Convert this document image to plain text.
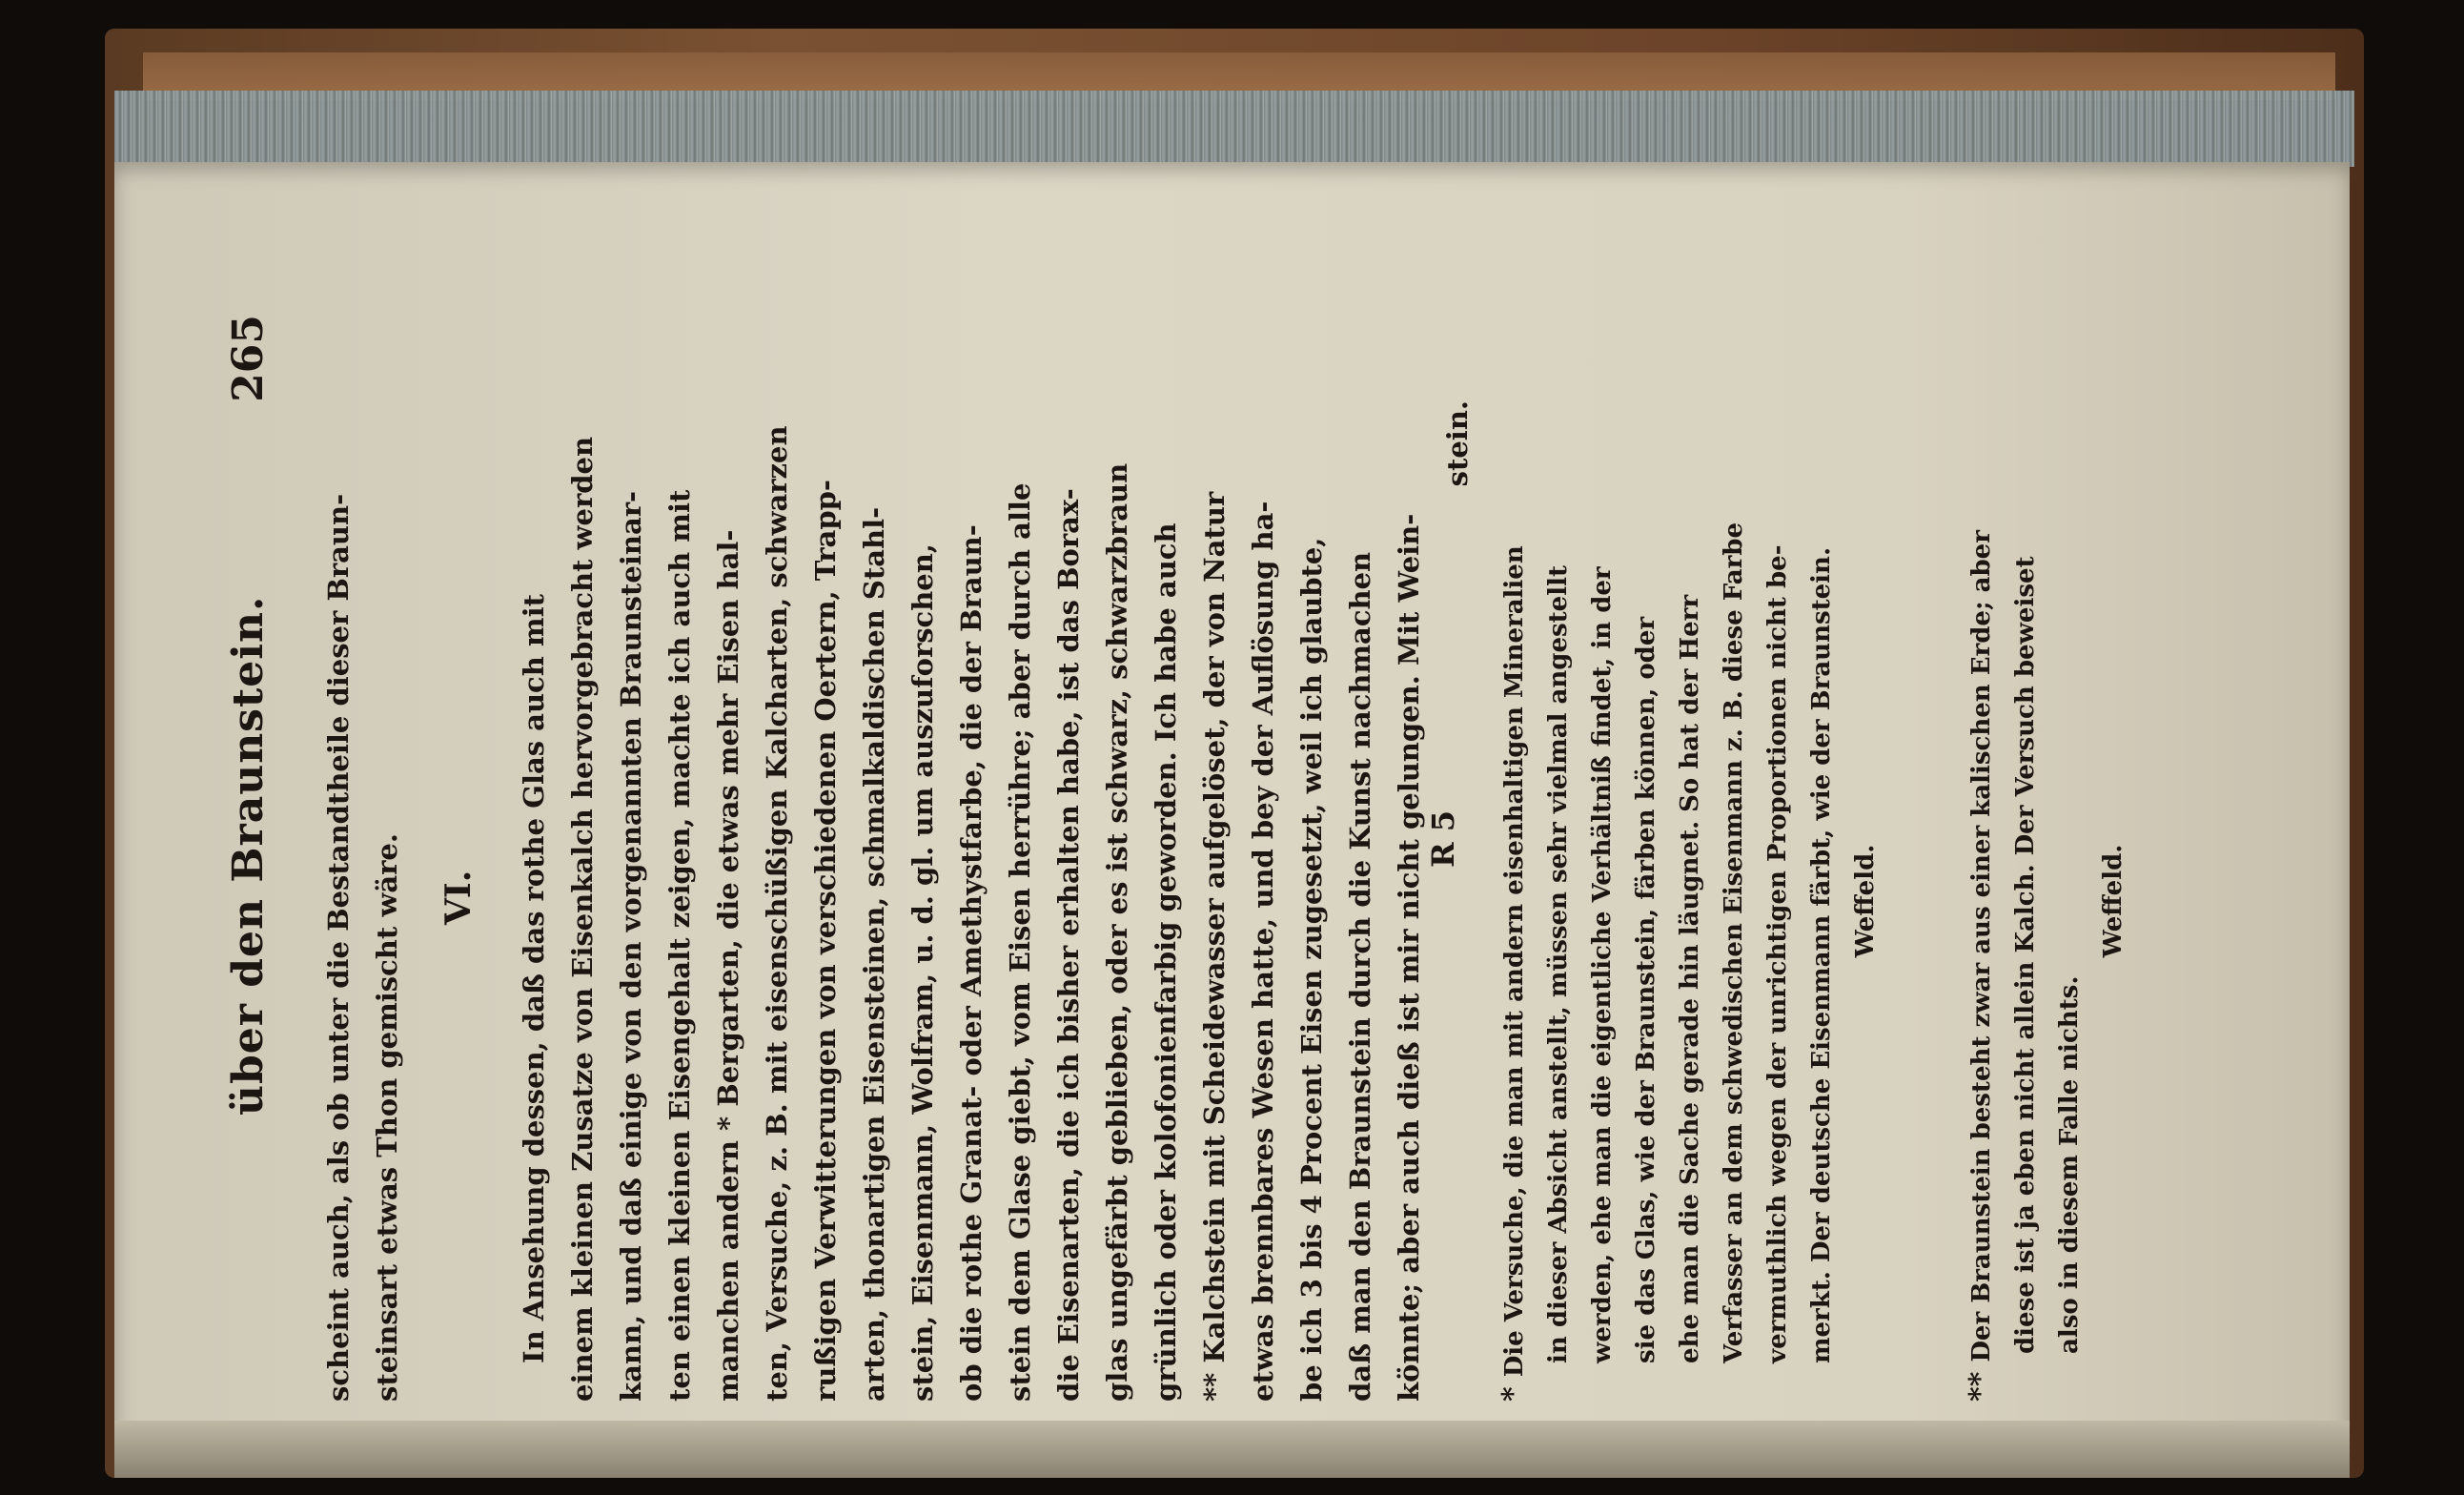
über den Braunstein.
265
scheint auch, als ob unter die Bestandtheile dieser Braun- steinsart etwas Thon gemischt wäre. VI. In Ansehung dessen, daß das rothe Glas auch mit einem kleinen Zusatze von Eisenkalch hervorgebracht werden kann, und daß einige von den vorgenannten Braunsteinar- ten einen kleinen Eisengehalt zeigen, machte ich auch mit manchen andern * Bergarten, die etwas mehr Eisen hal- ten, Versuche, z. B. mit eisenschüßigen Kalcharten, schwarzen rußigen Verwitterungen von verschiedenen Oertern, Trapp- arten, thonartigen Eisensteinen, schmalkaldischen Stahl- stein, Eisenmann, Wolfram, u. d. gl. um auszuforschen, ob die rothe Granat- oder Amethystfarbe, die der Braun- stein dem Glase giebt, vom Eisen herrühre; aber durch alle die Eisenarten, die ich bisher erhalten habe, ist das Borax- glas ungefärbt geblieben, oder es ist schwarz, schwarzbraun grünlich oder kolofonienfarbig geworden. Ich habe auch ** Kalchstein mit Scheidewasser aufgelöset, der von Natur etwas brennbares Wesen hatte, und bey der Auflösung ha- be ich 3 bis 4 Procent Eisen zugesetzt, weil ich glaubte, daß man den Braunstein durch die Kunst nachmachen könnte; aber auch dieß ist mir nicht gelungen. Mit Wein-
stein.
R 5
*Die Versuche, die man mit andern eisenhaltigen Mineralien in dieser Absicht anstellt, müssen sehr vielmal angestellt werden, ehe man die eigentliche Verhältniß findet, in der sie das Glas, wie der Braunstein, färben können, oder ehe man die Sache gerade hin läugnet. So hat der Herr Verfasser an dem schwedischen Eisenmann z. B. diese Farbe vermuthlich wegen der unrichtigen Proportionen nicht be- merkt. Der deutsche Eisenmann färbt, wie der Braunstein. Weffeld.
**Der Braunstein besteht zwar aus einer kalischen Erde; aber diese ist ja eben nicht allein Kalch. Der Versuch beweiset also in diesem Falle nichts.
Weffeld.
